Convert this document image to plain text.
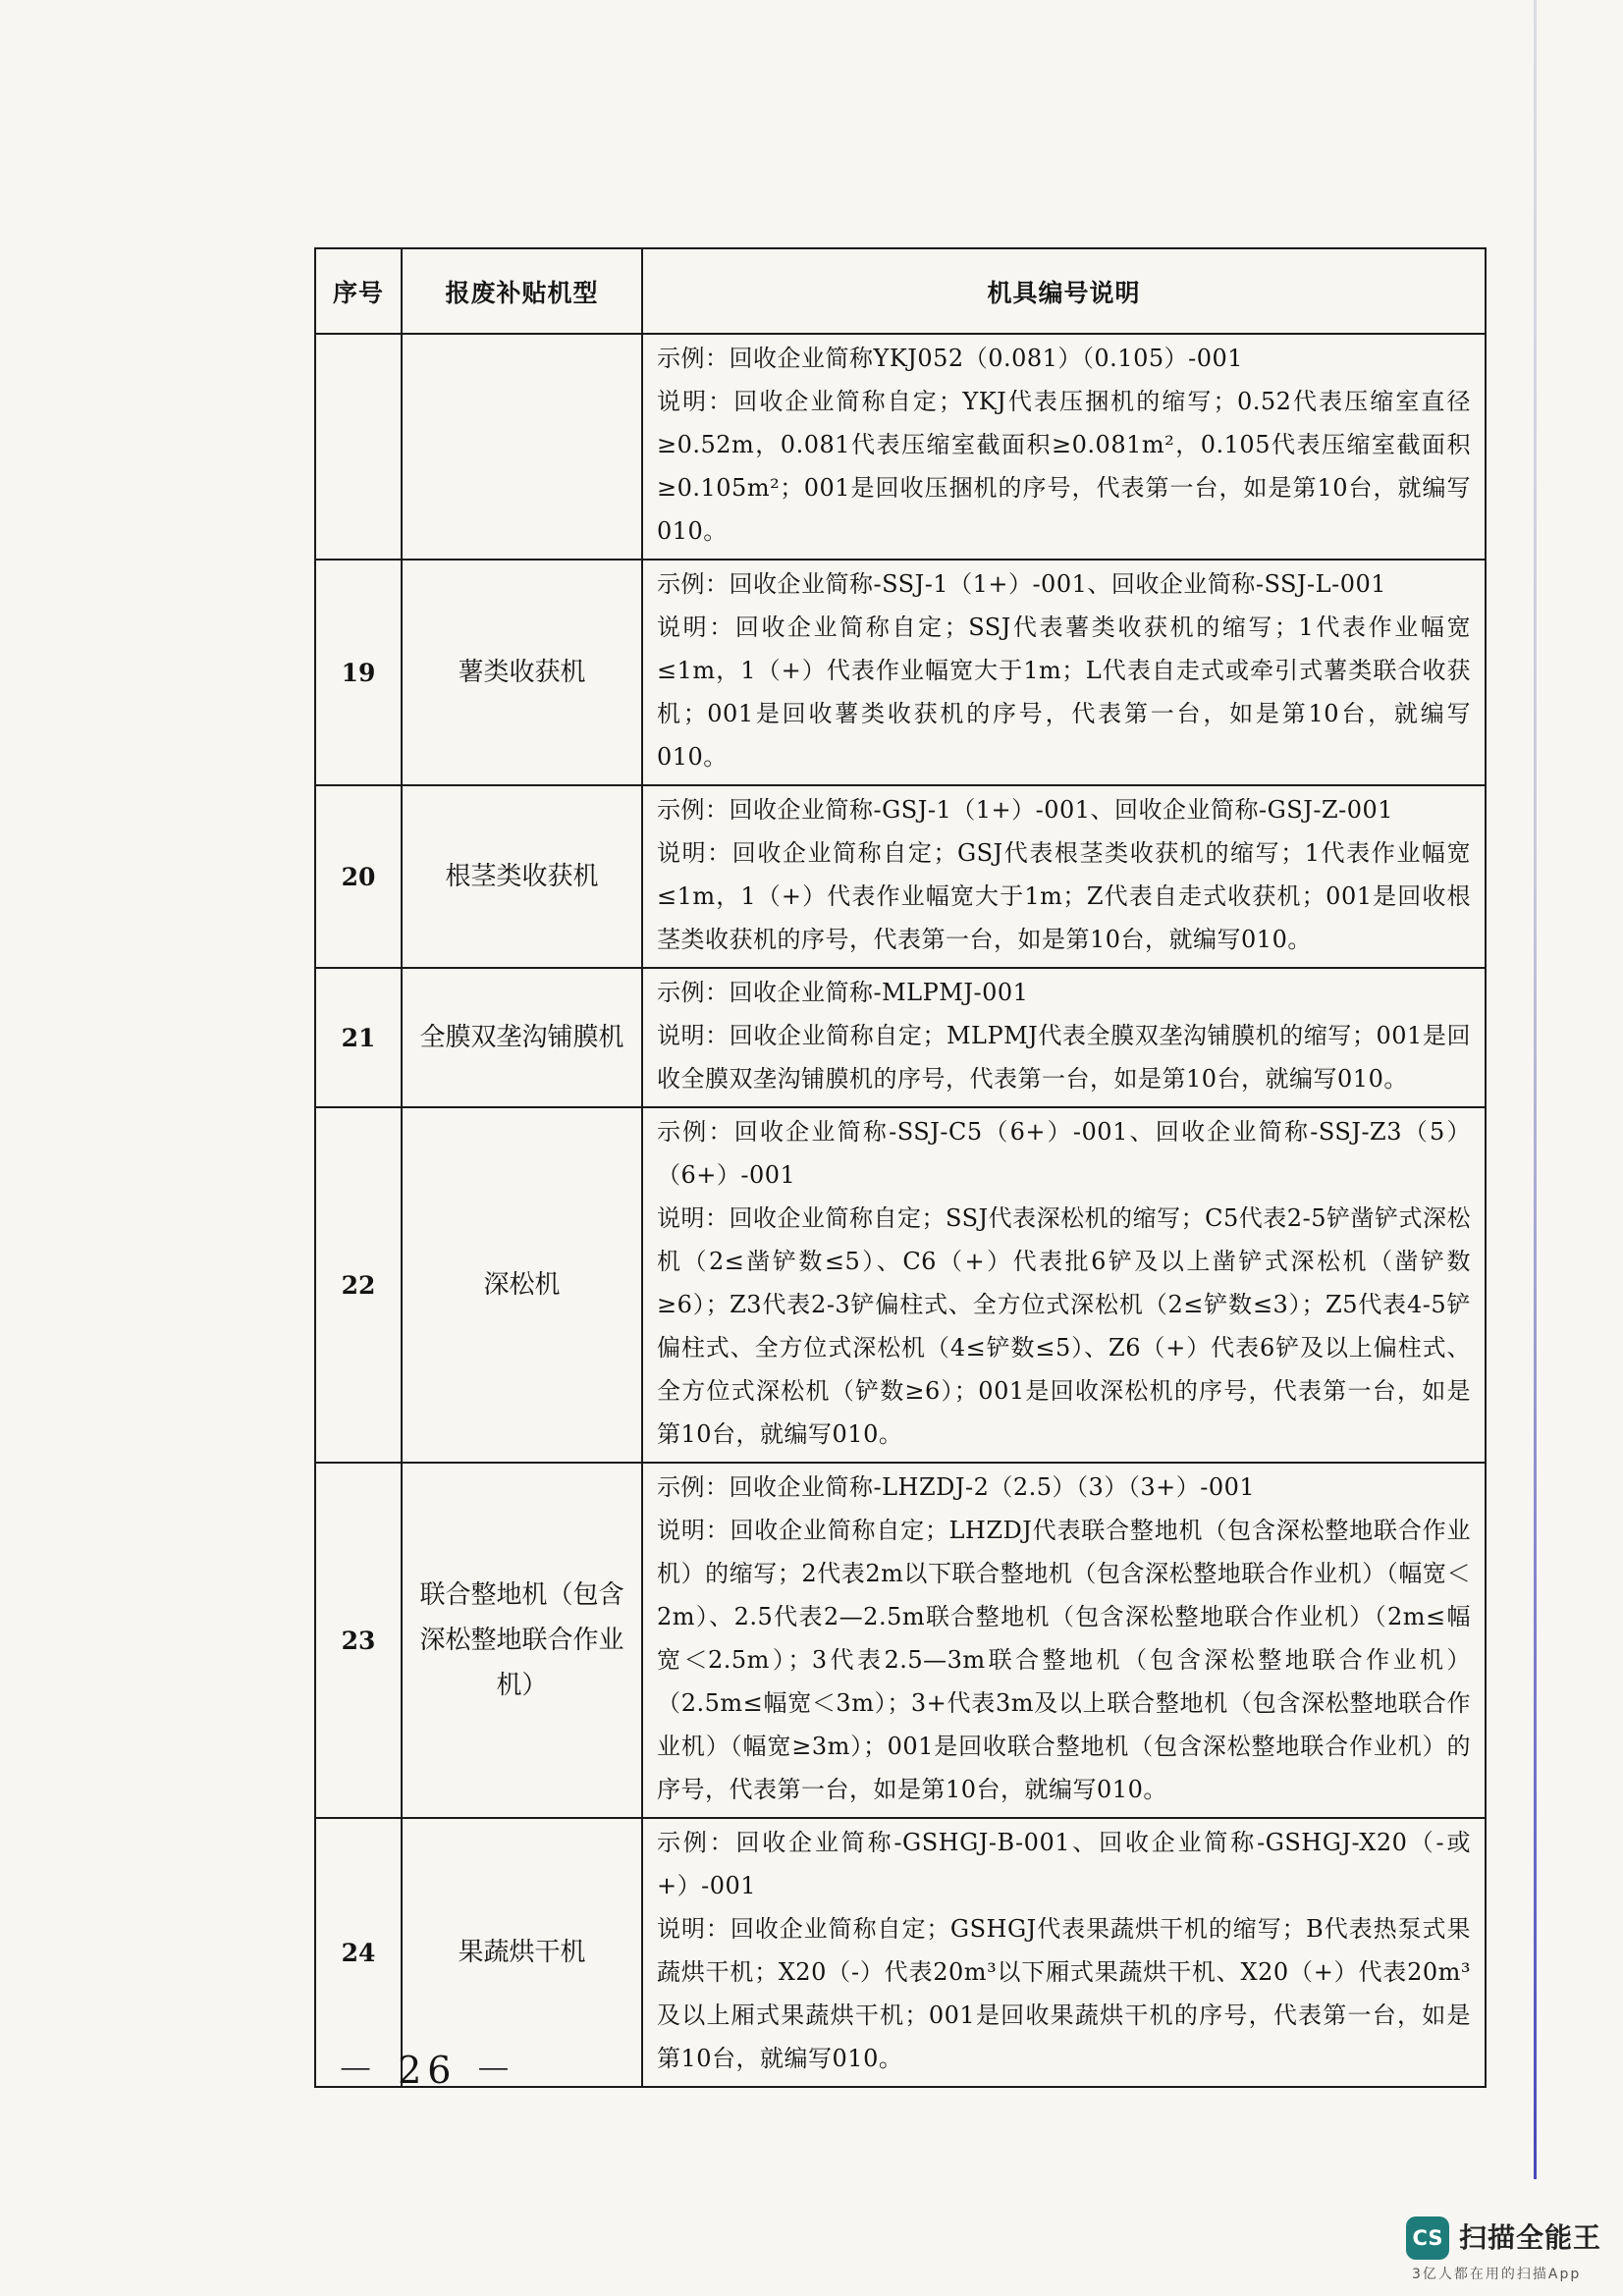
序号	报废补贴机型	机具编号说明

		示例：回收企业简称YKJ052（0.081）（0.105）-001
说明：回收企业简称自定；YKJ代表压捆机的缩写；0.52代表压缩室直径≥0.52m，0.081代表压缩室截面积≥0.081m²，0.105代表压缩室截面积≥0.105m²；001是回收压捆机的序号，代表第一台，如是第10台，就编写010。

19	薯类收获机	示例：回收企业简称-SSJ-1（1+）-001、回收企业简称-SSJ-L-001
说明：回收企业简称自定；SSJ代表薯类收获机的缩写；1代表作业幅宽≤1m，1（+）代表作业幅宽大于1m；L代表自走式或牵引式薯类联合收获机；001是回收薯类收获机的序号，代表第一台，如是第10台，就编写010。

20	根茎类收获机	示例：回收企业简称-GSJ-1（1+）-001、回收企业简称-GSJ-Z-001
说明：回收企业简称自定；GSJ代表根茎类收获机的缩写；1代表作业幅宽≤1m，1（+）代表作业幅宽大于1m；Z代表自走式收获机；001是回收根茎类收获机的序号，代表第一台，如是第10台，就编写010。

21	全膜双垄沟铺膜机	示例：回收企业简称-MLPMJ-001
说明：回收企业简称自定；MLPMJ代表全膜双垄沟铺膜机的缩写；001是回收全膜双垄沟铺膜机的序号，代表第一台，如是第10台，就编写010。

22	深松机	示例：回收企业简称-SSJ-C5（6+）-001、回收企业简称-SSJ-Z3（5）（6+）-001
说明：回收企业简称自定；SSJ代表深松机的缩写；C5代表2-5铲凿铲式深松机（2≤凿铲数≤5）、C6（+）代表批6铲及以上凿铲式深松机（凿铲数≥6）；Z3代表2-3铲偏柱式、全方位式深松机（2≤铲数≤3）；Z5代表4-5铲偏柱式、全方位式深松机（4≤铲数≤5）、Z6（+）代表6铲及以上偏柱式、全方位式深松机（铲数≥6）；001是回收深松机的序号，代表第一台，如是第10台，就编写010。

23	联合整地机（包含深松整地联合作业机）	示例：回收企业简称-LHZDJ-2（2.5）（3）（3+）-001
说明：回收企业简称自定；LHZDJ代表联合整地机（包含深松整地联合作业机）的缩写；2代表2m以下联合整地机（包含深松整地联合作业机）（幅宽＜2m）、2.5代表2—2.5m联合整地机（包含深松整地联合作业机）（2m≤幅宽＜2.5m）；3代表2.5—3m联合整地机（包含深松整地联合作业机）（2.5m≤幅宽＜3m）；3+代表3m及以上联合整地机（包含深松整地联合作业机）（幅宽≥3m）；001是回收联合整地机（包含深松整地联合作业机）的序号，代表第一台，如是第10台，就编写010。

24	果蔬烘干机	示例：回收企业简称-GSHGJ-B-001、回收企业简称-GSHGJ-X20（-或+）-001
说明：回收企业简称自定；GSHGJ代表果蔬烘干机的缩写；B代表热泵式果蔬烘干机；X20（-）代表20m³以下厢式果蔬烘干机、X20（+）代表20m³及以上厢式果蔬烘干机；001是回收果蔬烘干机的序号，代表第一台，如是第10台，就编写010。
－ 26 －
CS 扫描全能王
3亿人都在用的扫描App
